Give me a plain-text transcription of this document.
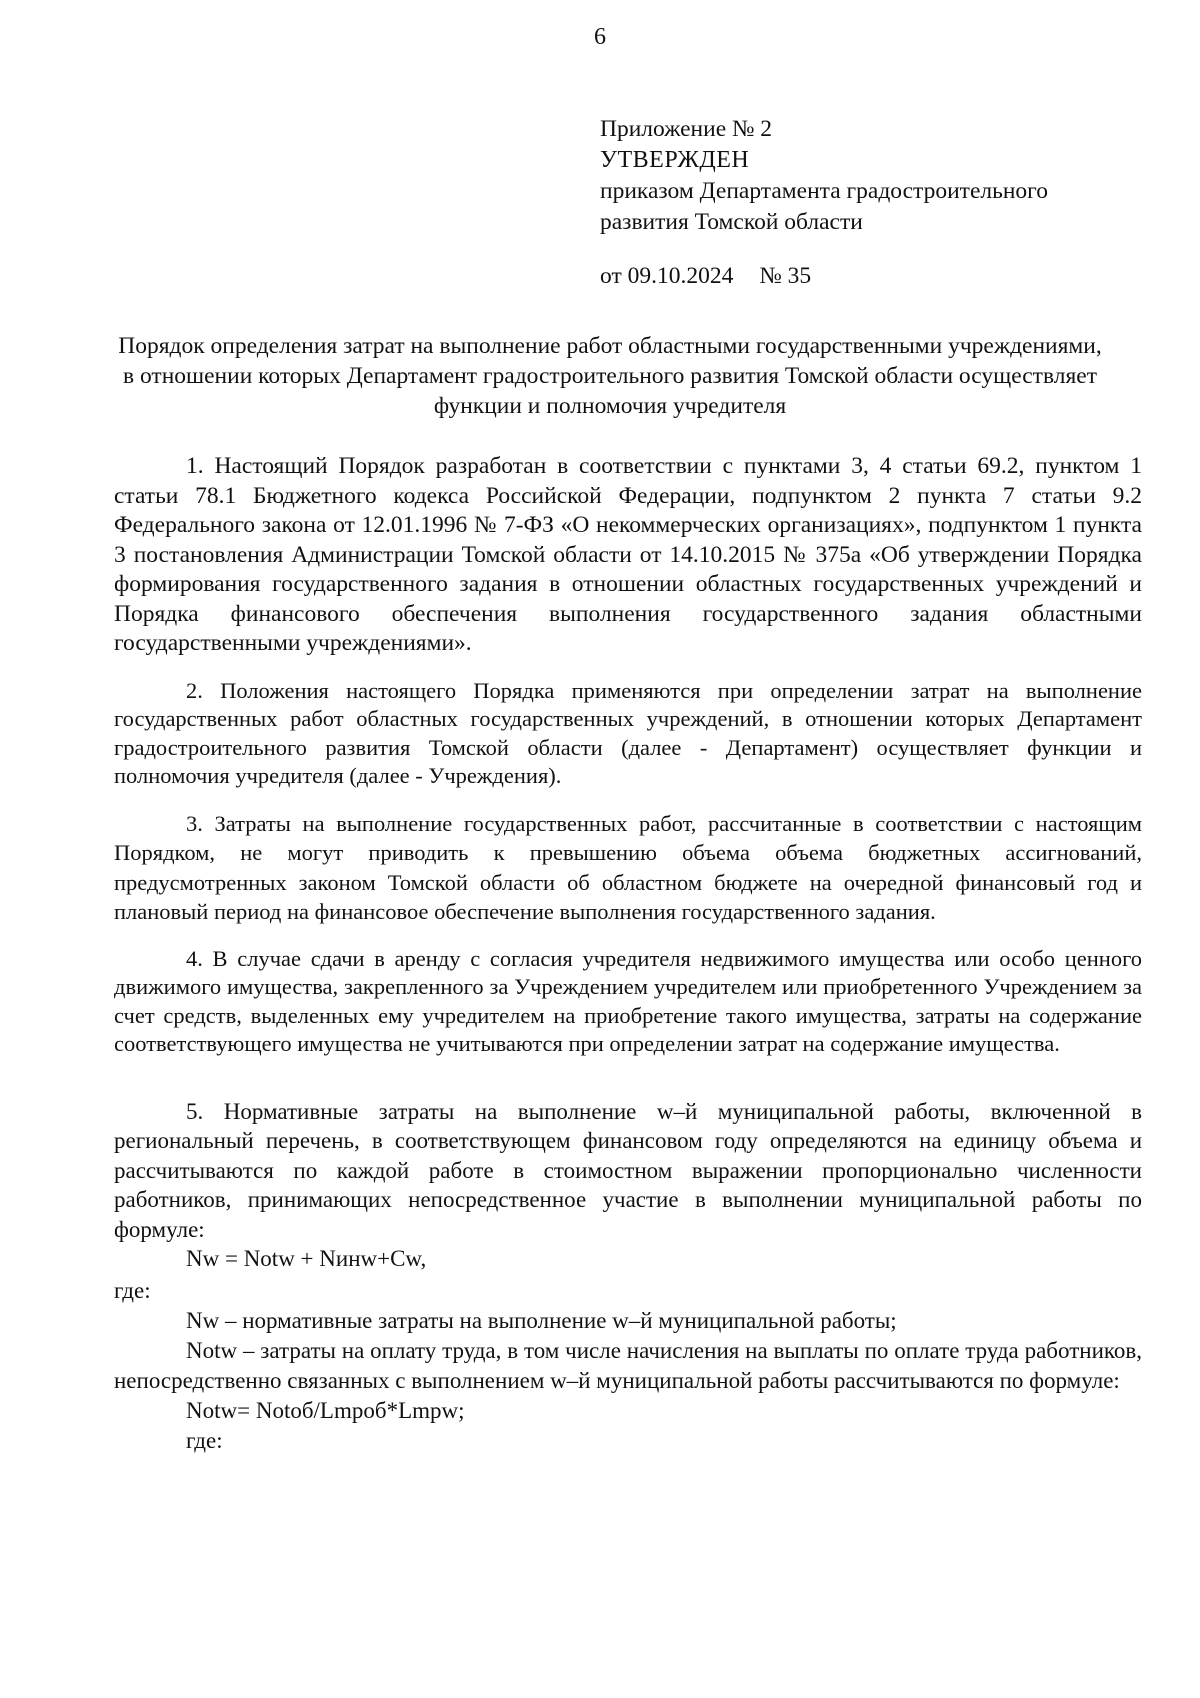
6
Приложение № 2
УТВЕРЖДЕН
приказом Департамента градостроительного
развития Томской области
от 09.10.2024 № 35
Порядок определения затрат на выполнение работ областными государственными учреждениями, в отношении которых Департамент градостроительного развития Томской области осуществляет функции и полномочия учредителя

1. Настоящий Порядок разработан в соответствии с пунктами 3, 4 статьи 69.2, пунктом 1 статьи 78.1 Бюджетного кодекса Российской Федерации, подпунктом 2 пункта 7 статьи 9.2 Федерального закона от 12.01.1996 № 7-ФЗ «О некоммерческих организациях», подпунктом 1 пункта 3 постановления Администрации Томской области от 14.10.2015 № 375а «Об утверждении Порядка формирования государственного задания в отношении областных государственных учреждений и Порядка финансового обеспечения выполнения государственного задания областными государственными учреждениями».

2. Положения настоящего Порядка применяются при определении затрат на выполнение государственных работ областных государственных учреждений, в отношении которых Департамент градостроительного развития Томской области (далее - Департамент) осуществляет функции и полномочия учредителя (далее - Учреждения).

3. Затраты на выполнение государственных работ, рассчитанные в соответствии с настоящим Порядком, не могут приводить к превышению объема объема бюджетных ассигнований, предусмотренных законом Томской области об областном бюджете на очередной финансовый год и плановый период на финансовое обеспечение выполнения государственного задания.

4. В случае сдачи в аренду с согласия учредителя недвижимого имущества или особо ценного движимого имущества, закрепленного за Учреждением учредителем или приобретенного Учреждением за счет средств, выделенных ему учредителем на приобретение такого имущества, затраты на содержание соответствующего имущества не учитываются при определении затрат на содержание имущества.

5. Нормативные затраты на выполнение w–й муниципальной работы, включенной в региональный перечень, в соответствующем финансовом году определяются на единицу объема и рассчитываются по каждой работе в стоимостном выражении пропорционально численности работников, принимающих непосредственное участие в выполнении муниципальной работы по формуле:

Nw = Notw + Nинw+Cw,

где:

Nw – нормативные затраты на выполнение w–й муниципальной работы;

Notw – затраты на оплату труда, в том числе начисления на выплаты по оплате труда работников, непосредственно связанных с выполнением w–й муниципальной работы рассчитываются по формуле:

Notw= Notоб/Lmроб*Lmpw;

где:
